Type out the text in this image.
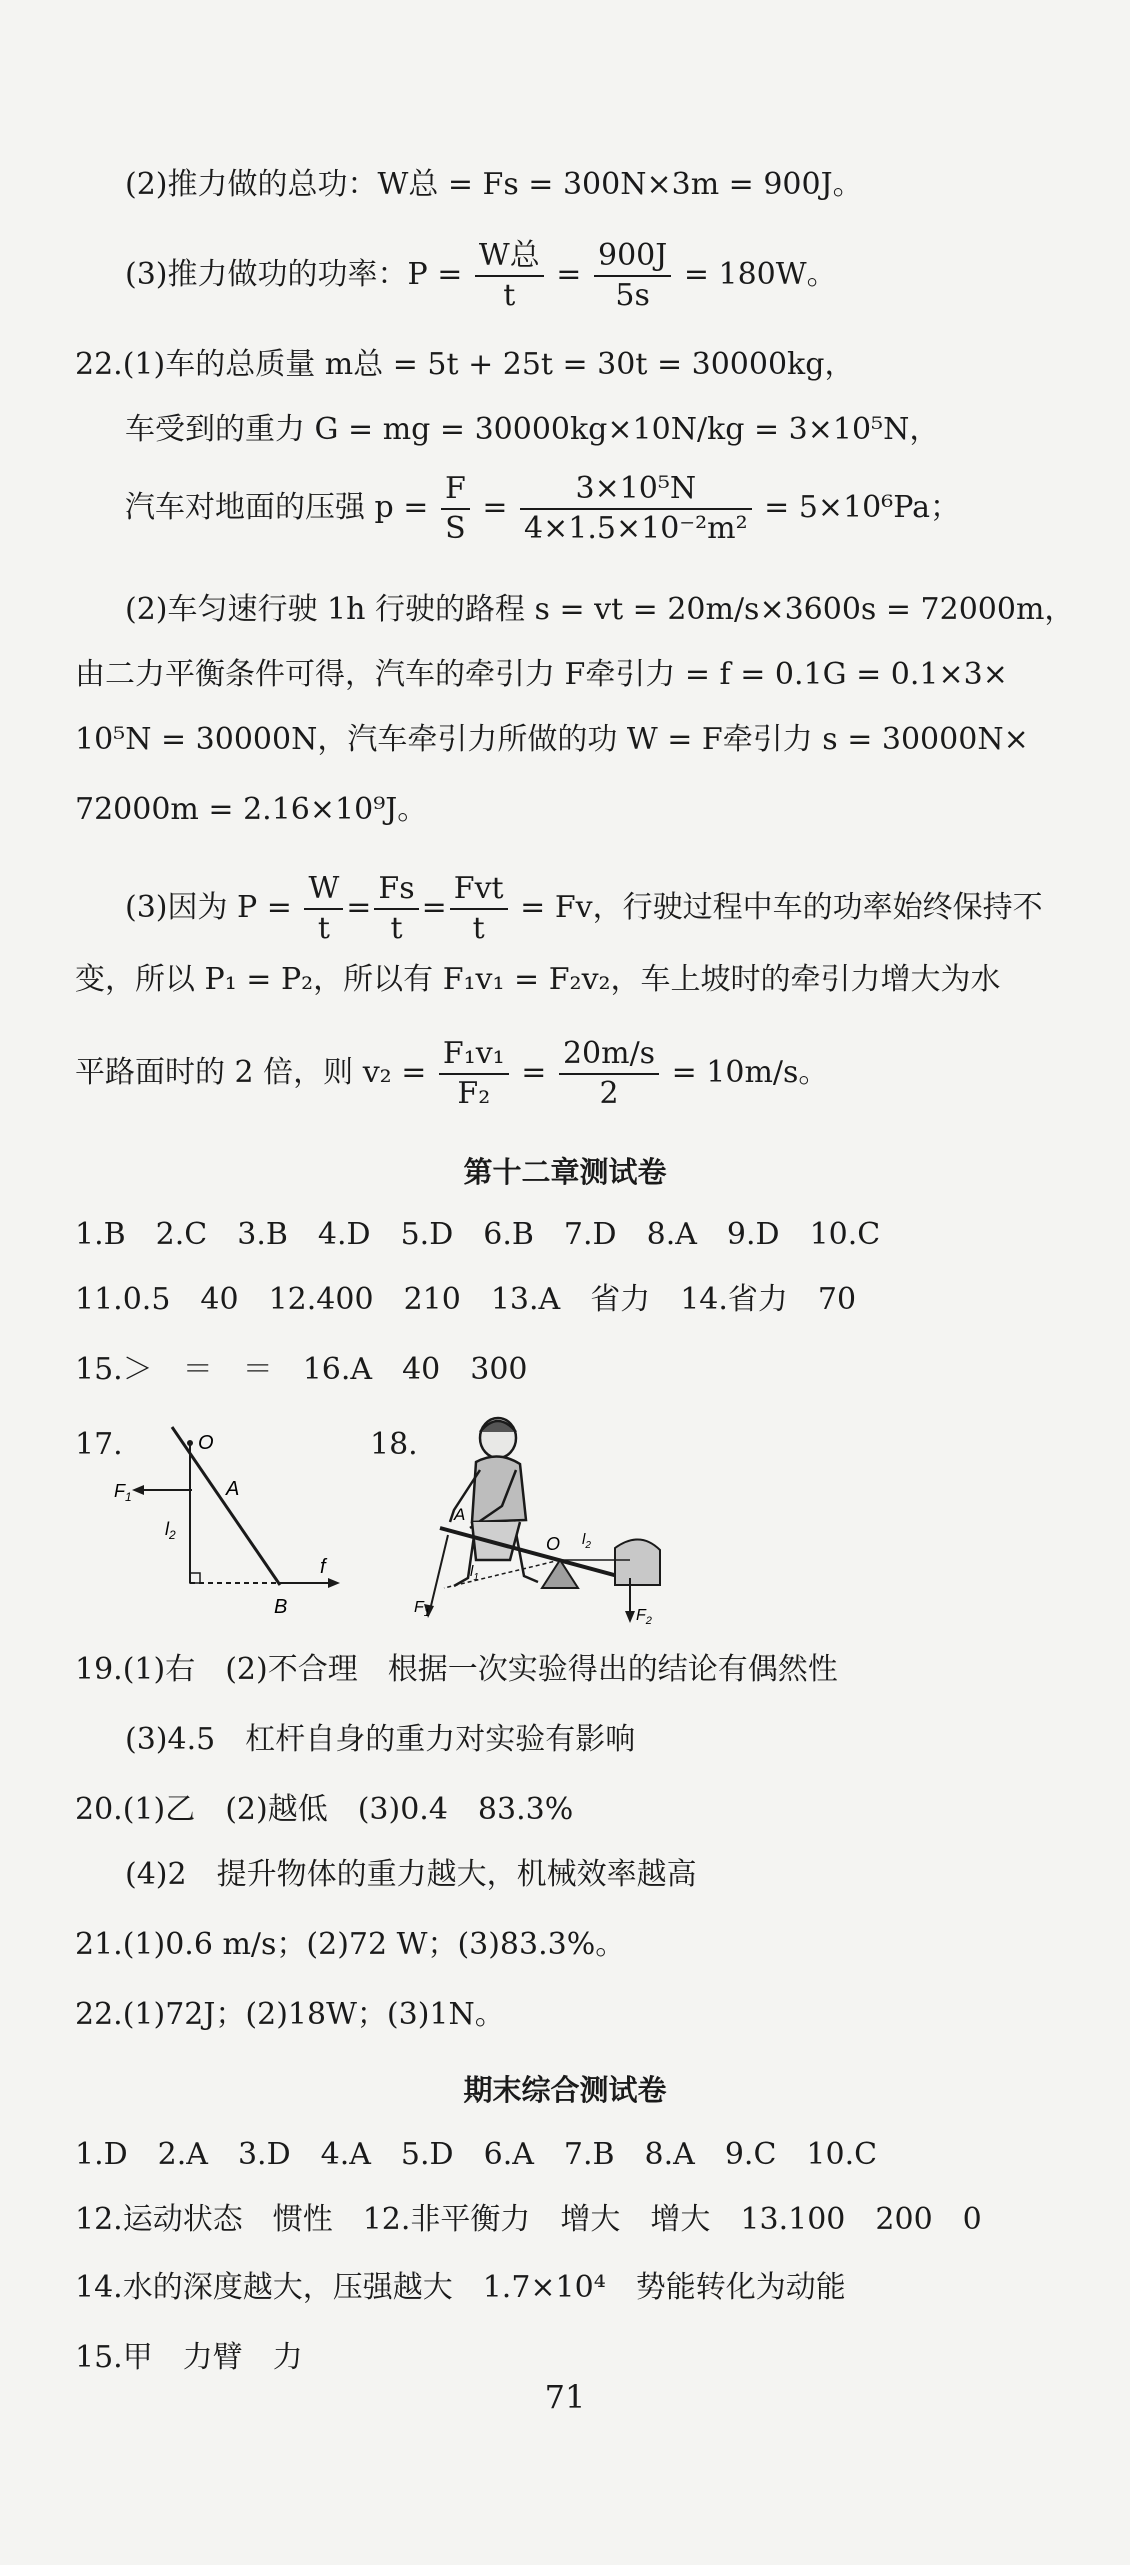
(2)推力做的总功：W总 = Fs = 300N×3m = 900J。
(3)推力做功的功率：$P = \frac{\text{W总}}{t} = \frac{900J}{5s} = 180W$。
22.(1)车的总质量 m总 = 5t + 25t = 30t = 30000kg，
车受到的重力 G = mg = 30000kg×10N/kg = 3×10⁵N，
汽车对地面的压强 $p = \frac{F}{S} = \frac{\text{3×10⁵N}}{\text{4×1.5×10⁻²m²}} = 5\times 10^6Pa$；
(2)车匀速行驶 1h 行驶的路程 s = vt = 20m/s×3600s = 72000m，
由二力平衡条件可得，汽车的牵引力 F牵引力 = f = 0.1G = 0.1×3×
10⁵N = 30000N，汽车牵引力所做的功 W = F牵引力 s = 30000N×
72000m = 2.16×10⁹J。
(3)因为 $P = \frac{W}{t} = \frac{Fs}{t} = \frac{\text{Fvt}}{t} = Fv$，行驶过程中车的功率始终保持不
变，所以 P₁ = P₂，所以有 F₁v₁ = F₂v₂，车上坡时的牵引力增大为水
平路面时的 2 倍，则 $v_2 = \frac{\text{F₁v₁}}{\text{F₂}} = \frac{20m/s}{2} = 10m/s$。
第十二章测试卷
1.B　2.C　3.B　4.D　5.D　6.B　7.D　8.A　9.D　10.C
11.0.5　40　12.400　210　13.A　省力　14.省力　70
15.＞　＝　＝　16.A　40　300
17.	18.
O
A
B
$F_1$
$l_2$
f
A
O
$F_1$	$F_2$
$l_1$
$l_2$
19.(1)右　(2)不合理　根据一次实验得出的结论有偶然性
(3)4.5　杠杆自身的重力对实验有影响
20.(1)乙　(2)越低　(3)0.4　83.3%
(4)2　提升物体的重力越大，机械效率越高
21.(1)0.6 m/s；(2)72 W；(3)83.3%。
22.(1)72J；(2)18W；(3)1N。
期末综合测试卷
1.D　2.A　3.D　4.A　5.D　6.A　7.B　8.A　9.C　10.C
12.运动状态　惯性　12.非平衡力　增大　增大　13.100　200　0
14.水的深度越大，压强越大　1.7×10⁴　势能转化为动能
15.甲　力臂　力
71
